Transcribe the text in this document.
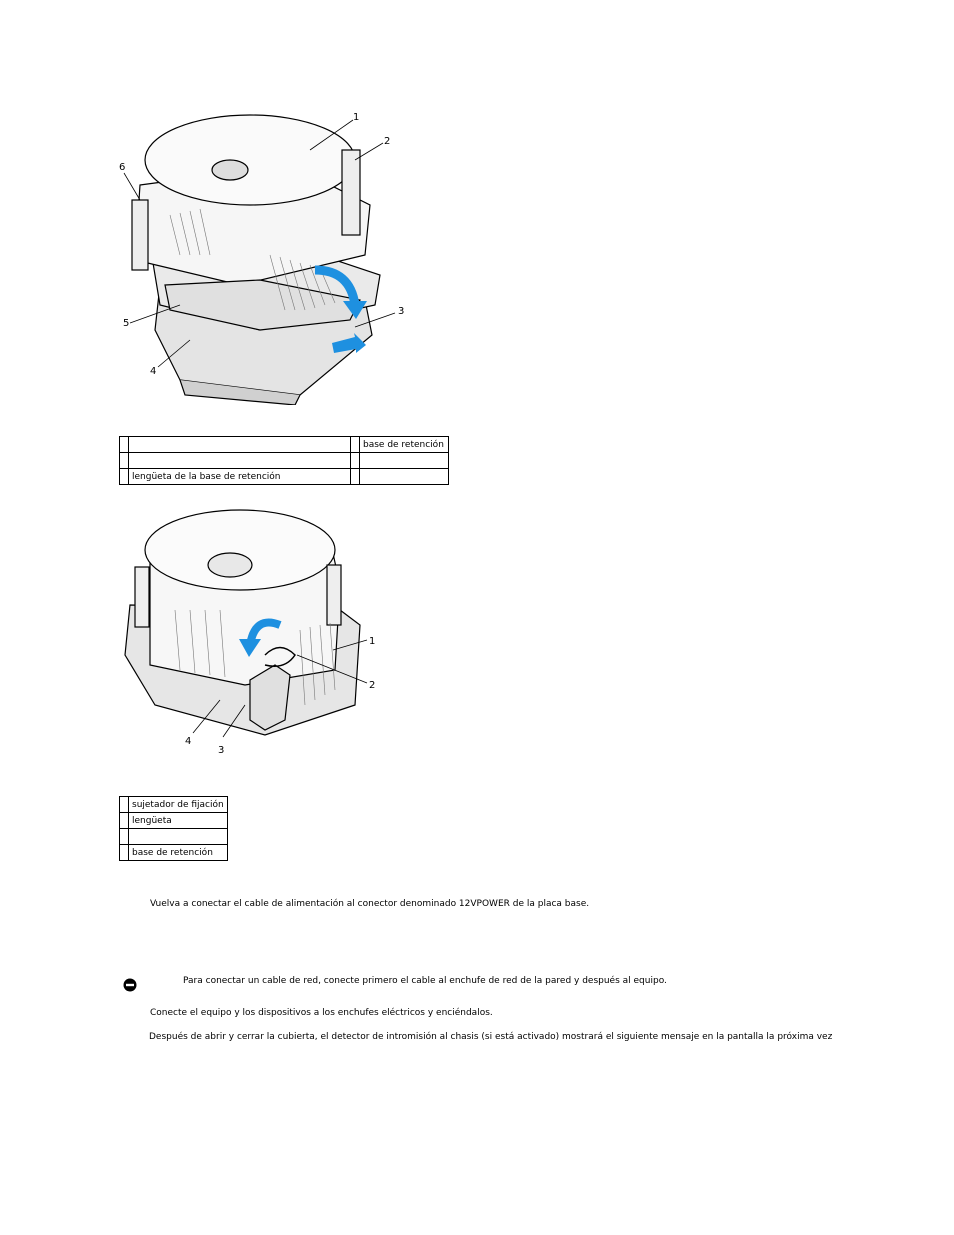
1
2
3
4
5
6
			base de retención

	lengüeta de la base de retención		
1
2
3
4
	sujetador de fijación
	lengüeta

	base de retención
Vuelva a conectar el cable de alimentación al conector denominado 12VPOWER de la placa base.
Para conectar un cable de red, conecte primero el cable al enchufe de red de la pared y después al equipo.
Conecte el equipo y los dispositivos a los enchufes eléctricos y enciéndalos.
Después de abrir y cerrar la cubierta, el detector de intromisión al chasis (si está activado) mostrará el siguiente mensaje en la pantalla la próxima vez
